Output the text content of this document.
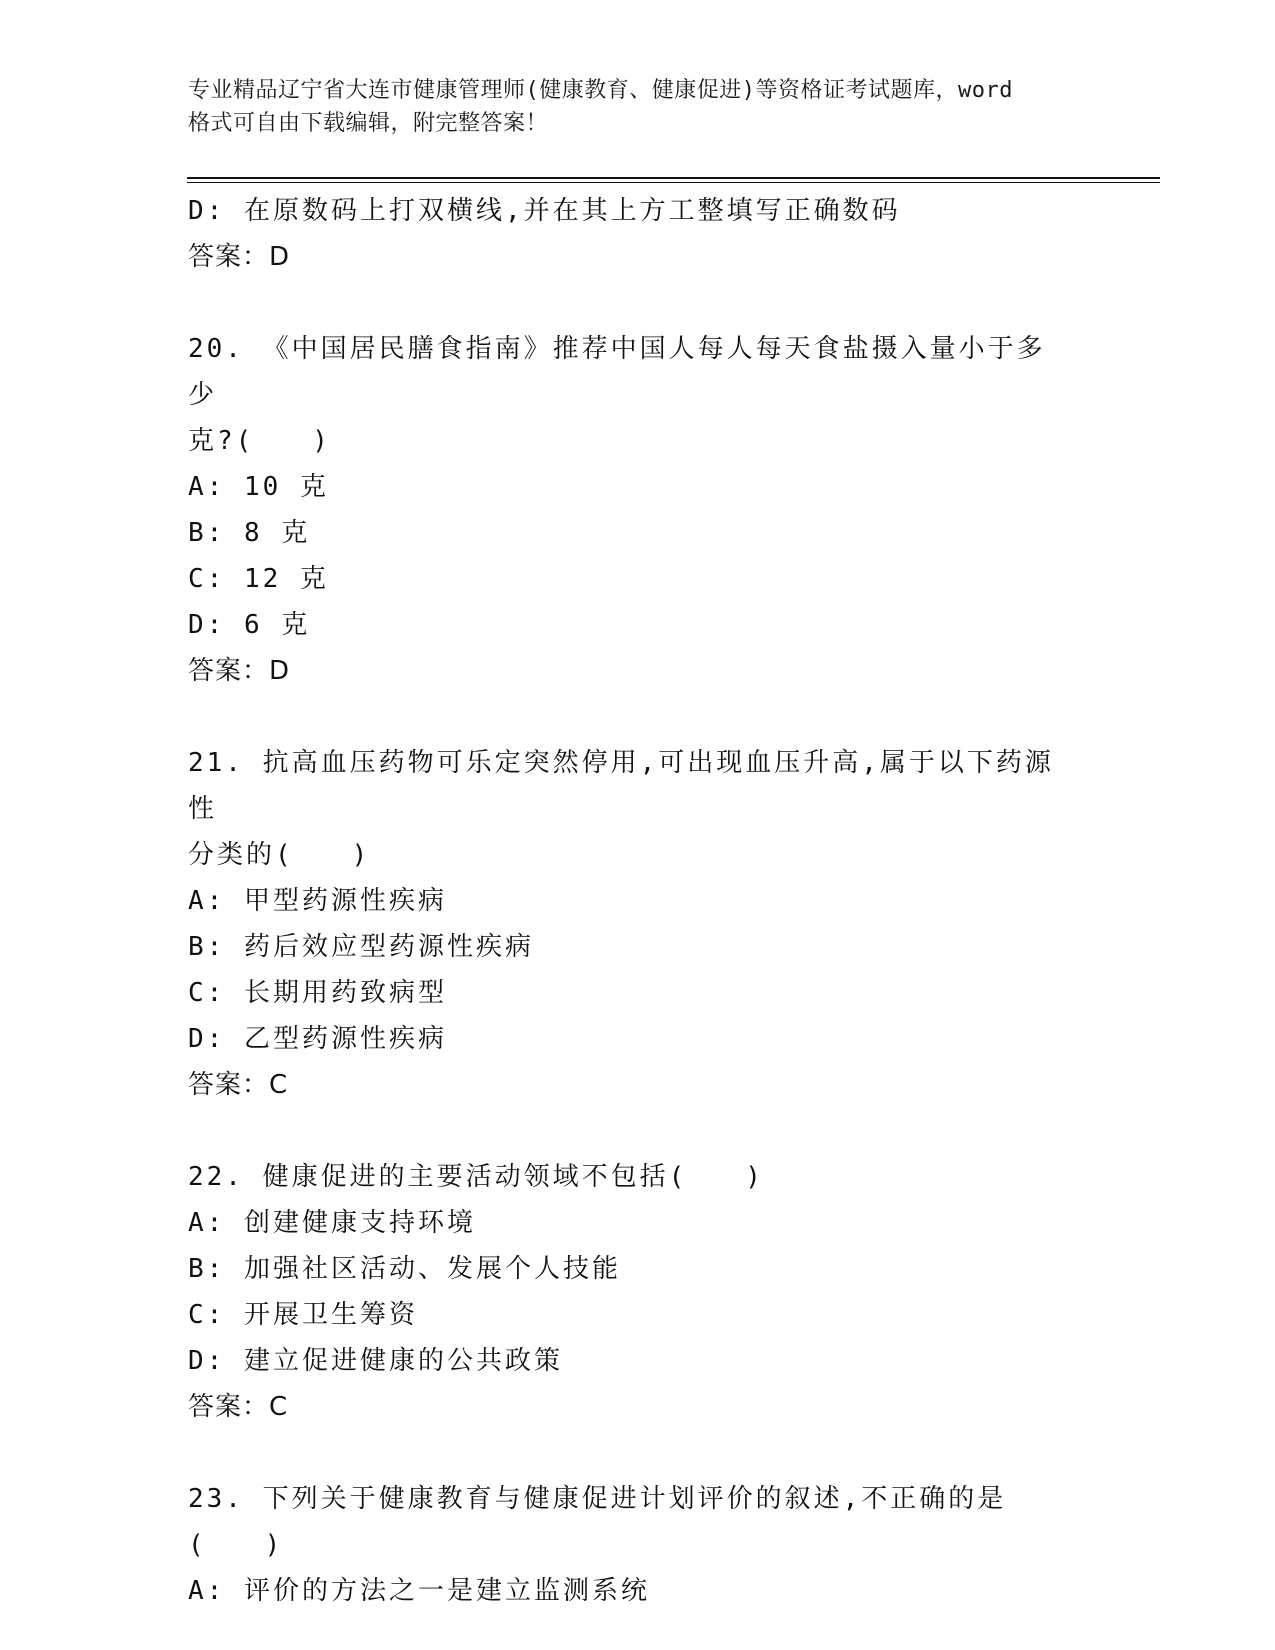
专业精品辽宁省大连市健康管理师(健康教育、健康促进)等资格证考试题库，word
格式可自由下载编辑，附完整答案！
D: 在原数码上打双横线,并在其上方工整填写正确数码
答案：D
20. 《中国居民膳食指南》推荐中国人每人每天食盐摄入量小于多少
克?(　　)
A: 10 克
B: 8 克
C: 12 克
D: 6 克
答案：D
21. 抗高血压药物可乐定突然停用,可出现血压升高,属于以下药源性
分类的(　　)
A: 甲型药源性疾病
B: 药后效应型药源性疾病
C: 长期用药致病型
D: 乙型药源性疾病
答案：C
22. 健康促进的主要活动领域不包括(　　)
A: 创建健康支持环境
B: 加强社区活动、发展个人技能
C: 开展卫生筹资
D: 建立促进健康的公共政策
答案：C
23. 下列关于健康教育与健康促进计划评价的叙述,不正确的是(　　)
A: 评价的方法之一是建立监测系统
